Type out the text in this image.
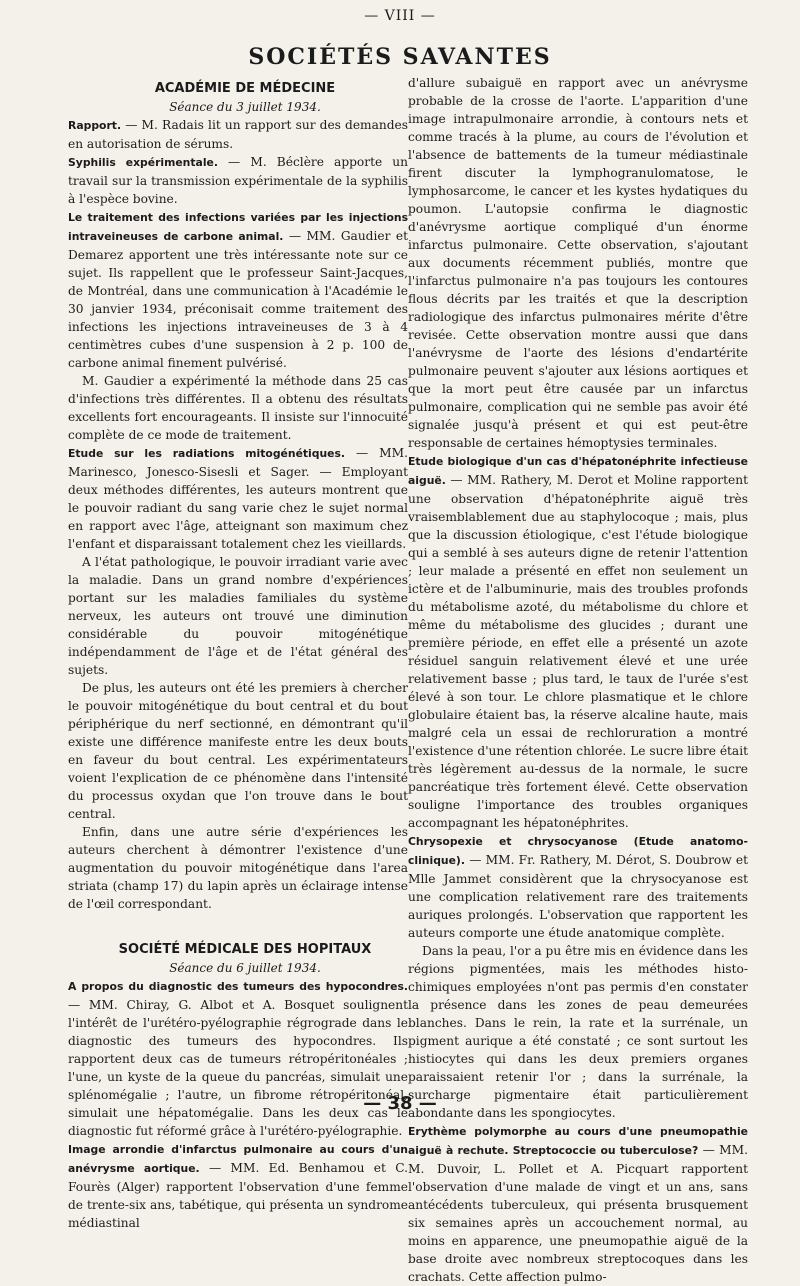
— VIII —
SOCIÉTÉS SAVANTES

ACADÉMIE DE MÉDECINE

Séance du 3 juillet 1934.

Rapport. — M. Radais lit un rapport sur des demandes en autorisation de sérums.

Syphilis expérimentale. — M. Béclère apporte un travail sur la transmission expérimentale de la syphilis à l'espèce bovine.

Le traitement des infections variées par les injections intraveineuses de carbone animal. — MM. Gaudier et Demarez apportent une très intéressante note sur ce sujet. Ils rappellent que le professeur Saint-Jacques, de Montréal, dans une communication à l'Académie le 30 janvier 1934, préconisait comme traitement des infections les injections intraveineuses de 3 à 4 centimètres cubes d'une suspension à 2 p. 100 de carbone animal finement pulvérisé.

M. Gaudier a expérimenté la méthode dans 25 cas d'infections très différentes. Il a obtenu des résultats excellents fort encourageants. Il insiste sur l'innocuité complète de ce mode de traitement.

Etude sur les radiations mitogénétiques. — MM. Marinesco, Jonesco-Sisesli et Sager. — Employant deux méthodes différentes, les auteurs montrent que le pouvoir radiant du sang varie chez le sujet normal en rapport avec l'âge, atteignant son maximum chez l'enfant et disparaissant totalement chez les vieillards.

A l'état pathologique, le pouvoir irradiant varie avec la maladie. Dans un grand nombre d'expériences portant sur les maladies familiales du système nerveux, les auteurs ont trouvé une diminution considérable du pouvoir mitogénétique indépendamment de l'âge et de l'état général des sujets.

De plus, les auteurs ont été les premiers à chercher le pouvoir mitogénétique du bout central et du bout périphérique du nerf sectionné, en démontrant qu'il existe une différence manifeste entre les deux bouts en faveur du bout central. Les expérimentateurs voient l'explication de ce phénomène dans l'intensité du processus oxydan que l'on trouve dans le bout central.

Enfin, dans une autre série d'expériences les auteurs cherchent à démontrer l'existence d'une augmentation du pouvoir mitogénétique dans l'area striata (champ 17) du lapin après un éclairage intense de l'œil correspondant.

SOCIÉTÉ MÉDICALE DES HOPITAUX

Séance du 6 juillet 1934.

A propos du diagnostic des tumeurs des hypocondres. — MM. Chiray, G. Albot et A. Bosquet soulignent l'intérêt de l'urétéro-pyélographie régrograde dans le diagnostic des tumeurs des hypocondres. Ils rapportent deux cas de tumeurs rétropéritonéales ; l'une, un kyste de la queue du pancréas, simulait une splénomégalie ; l'autre, un fibrome rétropéritonéal, simulait une hépatomégalie. Dans les deux cas le diagnostic fut réformé grâce à l'urétéro-pyélographie.

Image arrondie d'infarctus pulmonaire au cours d'un anévrysme aortique. — MM. Ed. Benhamou et C. Fourès (Alger) rapportent l'observation d'une femme de trente-six ans, tabétique, qui présenta un syndrome médiastinal

d'allure subaiguë en rapport avec un anévrysme probable de la crosse de l'aorte. L'apparition d'une image intrapulmonaire arrondie, à contours nets et comme tracés à la plume, au cours de l'évolution et l'absence de battements de la tumeur médiastinale firent discuter la lymphogranulomatose, le lymphosarcome, le cancer et les kystes hydatiques du poumon. L'autopsie confirma le diagnostic d'anévrysme aortique compliqué d'un énorme infarctus pulmonaire. Cette observation, s'ajoutant aux documents récemment publiés, montre que l'infarctus pulmonaire n'a pas toujours les contoures flous décrits par les traités et que la description radiologique des infarctus pulmonaires mérite d'être revisée. Cette observation montre aussi que dans l'anévrysme de l'aorte des lésions d'endartérite pulmonaire peuvent s'ajouter aux lésions aortiques et que la mort peut être causée par un infarctus pulmonaire, complication qui ne semble pas avoir été signalée jusqu'à présent et qui est peut-être responsable de certaines hémoptysies terminales.

Etude biologique d'un cas d'hépatonéphrite infectieuse aiguë. — MM. Rathery, M. Derot et Moline rapportent une observation d'hépatonéphrite aiguë très vraisemblablement due au staphylocoque ; mais, plus que la discussion étiologique, c'est l'étude biologique qui a semblé à ses auteurs digne de retenir l'attention ; leur malade a présenté en effet non seulement un ictère et de l'albuminurie, mais des troubles profonds du métabolisme azoté, du métabolisme du chlore et même du métabolisme des glucides ; durant une première période, en effet elle a présenté un azote résiduel sanguin relativement élevé et une urée relativement basse ; plus tard, le taux de l'urée s'est élevé à son tour. Le chlore plasmatique et le chlore globulaire étaient bas, la réserve alcaline haute, mais malgré cela un essai de rechloruration a montré l'existence d'une rétention chlorée. Le sucre libre était très légèrement au-dessus de la normale, le sucre pancréatique très fortement élevé. Cette observation souligne l'importance des troubles organiques accompagnant les hépatonéphrites.

Chrysopexie et chrysocyanose (Etude anatomo-clinique). — MM. Fr. Rathery, M. Dérot, S. Doubrow et Mlle Jammet considèrent que la chrysocyanose est une complication relativement rare des traitements auriques prolongés. L'observation que rapportent les auteurs comporte une étude anatomique complète.

Dans la peau, l'or a pu être mis en évidence dans les régions pigmentées, mais les méthodes histo-chimiques employées n'ont pas permis d'en constater la présence dans les zones de peau demeurées blanches. Dans le rein, la rate et la surrénale, un pigment aurique a été constaté ; ce sont surtout les histiocytes qui dans les deux premiers organes paraissaient retenir l'or ; dans la surrénale, la surcharge pigmentaire était particulièrement abondante dans les spongiocytes.

Erythème polymorphe au cours d'une pneumopathie aiguë à rechute. Streptococcie ou tuberculose? — MM. M. Duvoir, L. Pollet et A. Picquart rapportent l'observation d'une malade de vingt et un ans, sans antécédents tuberculeux, qui présenta brusquement six semaines après un accouchement normal, au moins en apparence, une pneumopathie aiguë de la base droite avec nombreux streptocoques dans les crachats. Cette affection pulmo-

— 38 —
